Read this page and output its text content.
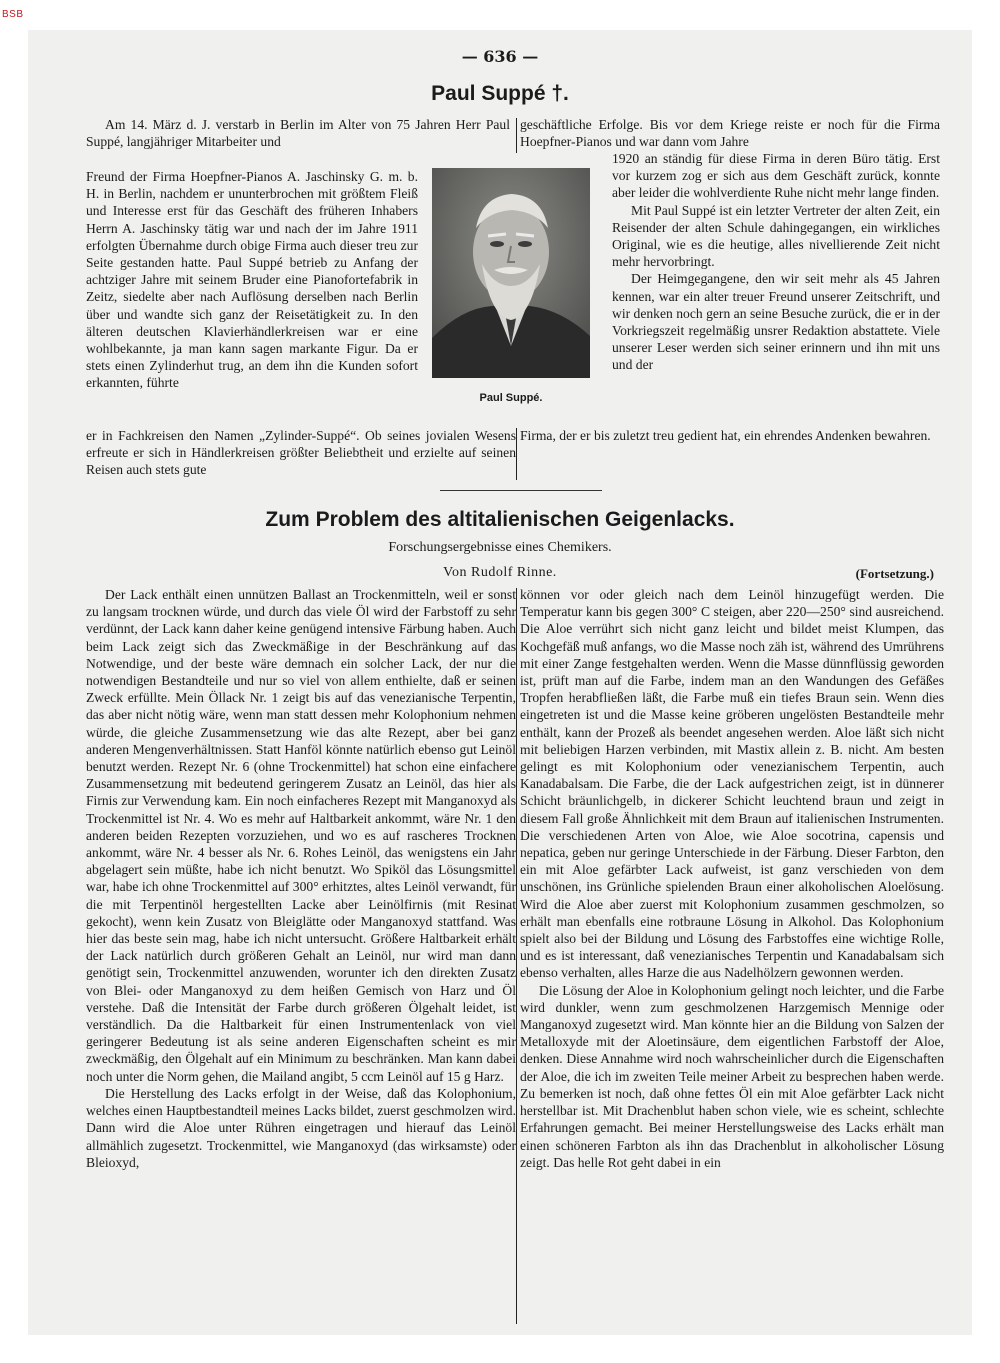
BSB
— 636 —
Paul Suppé †.

Am 14. März d. J. verstarb in Berlin im Alter von 75 Jahren Herr Paul Suppé, langjähriger Mitarbeiter und

geschäftliche Erfolge. Bis vor dem Kriege reiste er noch für die Firma Hoepfner-Pianos und war dann vom Jahre

Freund der Firma Hoepfner-Pianos A. Jaschinsky G. m. b. H. in Berlin, nachdem er ununterbrochen mit größtem Fleiß und Interesse erst für das Geschäft des früheren Inhabers Herrn A. Jaschinsky tätig war und nach der im Jahre 1911 erfolgten Übernahme durch obige Firma auch dieser treu zur Seite gestanden hatte. Paul Suppé betrieb zu Anfang der achtziger Jahre mit seinem Bruder eine Pianofortefabrik in Zeitz, siedelte aber nach Auflösung derselben nach Berlin über und wandte sich ganz der Reisetätigkeit zu. In den älteren deutschen Klavierhändlerkreisen war er eine wohlbekannte, ja man kann sagen markante Figur. Da er stets einen Zylinderhut trug, an dem ihn die Kunden sofort erkannten, führte

Paul Suppé.

1920 an ständig für diese Firma in deren Büro tätig. Erst vor kurzem zog er sich aus dem Geschäft zurück, konnte aber leider die wohlverdiente Ruhe nicht mehr lange finden.

Mit Paul Suppé ist ein letzter Vertreter der alten Zeit, ein Reisender der alten Schule dahingegangen, ein wirkliches Original, wie es die heutige, alles nivellierende Zeit nicht mehr hervorbringt.

Der Heimgegangene, den wir seit mehr als 45 Jahren kennen, war ein alter treuer Freund unserer Zeitschrift, und wir denken noch gern an seine Besuche zurück, die er in der Vorkriegszeit regelmäßig unsrer Redaktion abstattete. Viele unserer Leser werden sich seiner erinnern und ihn mit uns und der

er in Fachkreisen den Namen „Zylinder-Suppé“. Ob seines jovialen Wesens erfreute er sich in Händlerkreisen größter Beliebtheit und erzielte auf seinen Reisen auch stets gute

Firma, der er bis zuletzt treu gedient hat, ein ehrendes Andenken bewahren.

Zum Problem des altitalienischen Geigenlacks.
Forschungsergebnisse eines Chemikers.
Von Rudolf Rinne.	(Fortsetzung.)

Der Lack enthält einen unnützen Ballast an Trockenmitteln, weil er sonst zu langsam trocknen würde, und durch das viele Öl wird der Farbstoff zu sehr verdünnt, der Lack kann daher keine genügend intensive Färbung haben. Auch beim Lack zeigt sich das Zweckmäßige in der Beschränkung auf das Notwendige, und der beste wäre demnach ein solcher Lack, der nur die notwendigen Bestandteile und nur so viel von allem enthielte, daß er seinen Zweck erfüllte. Mein Öllack Nr. 1 zeigt bis auf das venezianische Terpentin, das aber nicht nötig wäre, wenn man statt dessen mehr Kolophonium nehmen würde, die gleiche Zusammensetzung wie das alte Rezept, aber bei ganz anderen Mengenverhältnissen. Statt Hanföl könnte natürlich ebenso gut Leinöl benutzt werden. Rezept Nr. 6 (ohne Trockenmittel) hat schon eine einfachere Zusammensetzung mit bedeutend geringerem Zusatz an Leinöl, das hier als Firnis zur Verwendung kam. Ein noch einfacheres Rezept mit Manganoxyd als Trockenmittel ist Nr. 4. Wo es mehr auf Haltbarkeit ankommt, wäre Nr. 1 den anderen beiden Rezepten vorzuziehen, und wo es auf rascheres Trocknen ankommt, wäre Nr. 4 besser als Nr. 6. Rohes Leinöl, das wenigstens ein Jahr abgelagert sein müßte, habe ich nicht benutzt. Wo Spiköl das Lösungsmittel war, habe ich ohne Trockenmittel auf 300° erhitztes, altes Leinöl verwandt, für die mit Terpentinöl hergestellten Lacke aber Leinölfirnis (mit Resinat gekocht), wenn kein Zusatz von Bleiglätte oder Manganoxyd stattfand. Was hier das beste sein mag, habe ich nicht untersucht. Größere Haltbarkeit erhält der Lack natürlich durch größeren Gehalt an Leinöl, nur wird man dann genötigt sein, Trockenmittel anzuwenden, worunter ich den direkten Zusatz von Blei- oder Manganoxyd zu dem heißen Gemisch von Harz und Öl verstehe. Daß die Intensität der Farbe durch größeren Ölgehalt leidet, ist verständlich. Da die Haltbarkeit für einen Instrumentenlack von viel geringerer Bedeutung ist als seine anderen Eigenschaften scheint es mir zweckmäßig, den Ölgehalt auf ein Minimum zu beschränken. Man kann dabei noch unter die Norm gehen, die Mailand angibt, 5 ccm Leinöl auf 15 g Harz.

Die Herstellung des Lacks erfolgt in der Weise, daß das Kolophonium, welches einen Hauptbestandteil meines Lacks bildet, zuerst geschmolzen wird. Dann wird die Aloe unter Rühren eingetragen und hierauf das Leinöl allmählich zugesetzt. Trockenmittel, wie Manganoxyd (das wirksamste) oder Bleioxyd,

können vor oder gleich nach dem Leinöl hinzugefügt werden. Die Temperatur kann bis gegen 300° C steigen, aber 220—250° sind ausreichend. Die Aloe verrührt sich nicht ganz leicht und bildet meist Klumpen, das Kochgefäß muß anfangs, wo die Masse noch zäh ist, während des Umrührens mit einer Zange festgehalten werden. Wenn die Masse dünnflüssig geworden ist, prüft man auf die Farbe, indem man an den Wandungen des Gefäßes Tropfen herabfließen läßt, die Farbe muß ein tiefes Braun sein. Wenn dies eingetreten ist und die Masse keine gröberen ungelösten Bestandteile mehr enthält, kann der Prozeß als beendet angesehen werden. Aloe läßt sich nicht mit beliebigen Harzen verbinden, mit Mastix allein z. B. nicht. Am besten gelingt es mit Kolophonium oder venezianischem Terpentin, auch Kanadabalsam. Die Farbe, die der Lack aufgestrichen zeigt, ist in dünnerer Schicht bräunlichgelb, in dickerer Schicht leuchtend braun und zeigt in diesem Fall große Ähnlichkeit mit dem Braun auf italienischen Instrumenten. Die verschiedenen Arten von Aloe, wie Aloe socotrina, capensis und nepatica, geben nur geringe Unterschiede in der Färbung. Dieser Farbton, den ein mit Aloe gefärbter Lack aufweist, ist ganz verschieden von dem unschönen, ins Grünliche spielenden Braun einer alkoholischen Aloelösung. Wird die Aloe aber zuerst mit Kolophonium zusammen geschmolzen, so erhält man ebenfalls eine rotbraune Lösung in Alkohol. Das Kolophonium spielt also bei der Bildung und Lösung des Farbstoffes eine wichtige Rolle, und es ist interessant, daß venezianisches Terpentin und Kanadabalsam sich ebenso verhalten, alles Harze die aus Nadelhölzern gewonnen werden.

Die Lösung der Aloe in Kolophonium gelingt noch leichter, und die Farbe wird dunkler, wenn zum geschmolzenen Harzgemisch Mennige oder Manganoxyd zugesetzt wird. Man könnte hier an die Bildung von Salzen der Metalloxyde mit der Aloetinsäure, dem eigentlichen Farbstoff der Aloe, denken. Diese Annahme wird noch wahrscheinlicher durch die Eigenschaften der Aloe, die ich im zweiten Teile meiner Arbeit zu besprechen haben werde. Zu bemerken ist noch, daß ohne fettes Öl ein mit Aloe gefärbter Lack nicht herstellbar ist. Mit Drachenblut haben schon viele, wie es scheint, schlechte Erfahrungen gemacht. Bei meiner Herstellungsweise des Lacks erhält man einen schöneren Farbton als ihn das Drachenblut in alkoholischer Lösung zeigt. Das helle Rot geht dabei in ein
